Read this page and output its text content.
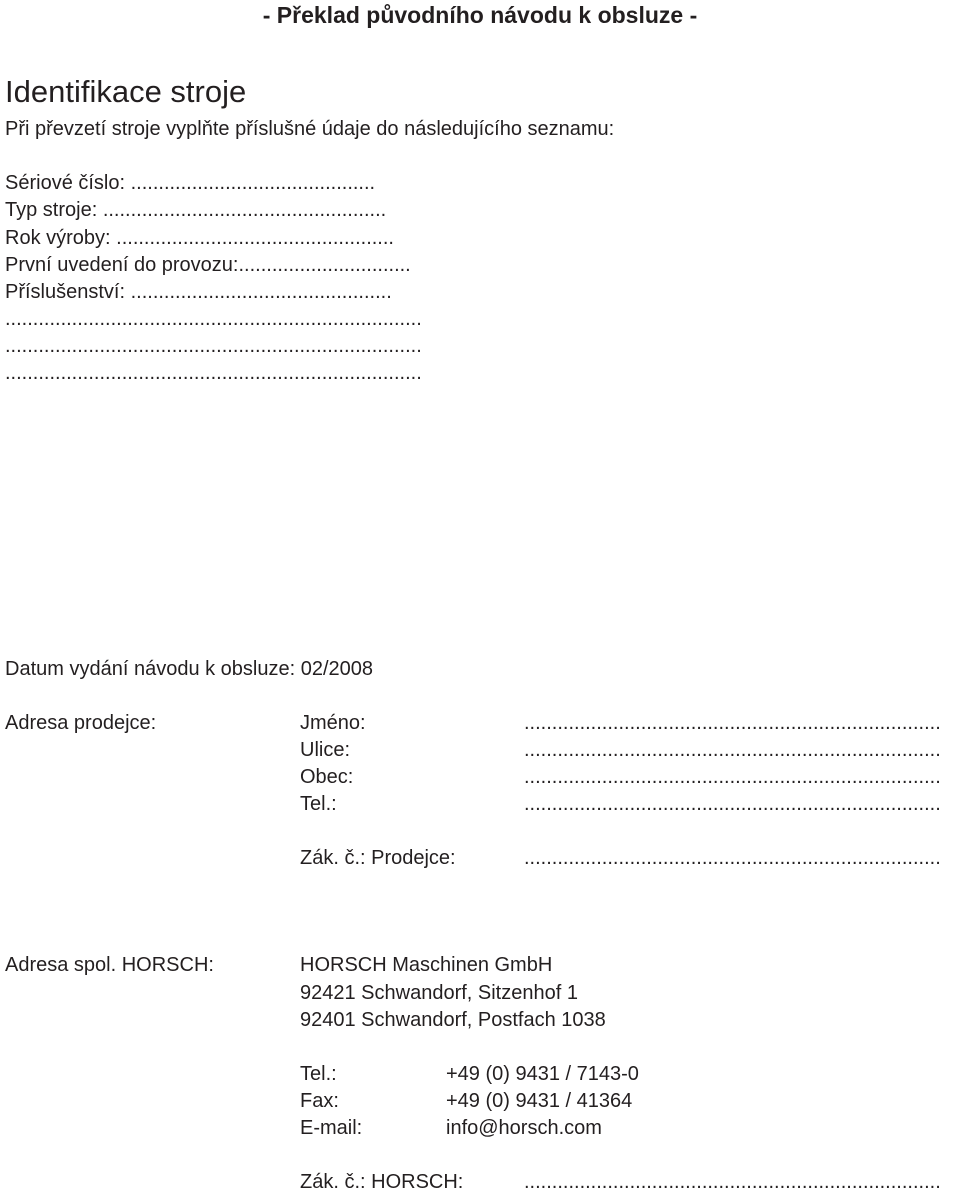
- Překlad původního návodu k obsluze -
Identifikace stroje
Při převzetí stroje vyplňte příslušné údaje do následujícího seznamu:
Sériové číslo: ............................................
Typ stroje: ...................................................
Rok výroby: ..................................................
První uvedení do provozu:...............................
Příslušenství: ...............................................
...........................................................................
...........................................................................
...........................................................................
Datum vydání návodu k obsluze: 02/2008
Adresa prodejce:	Jméno:	...........................................................................
Ulice:	...........................................................................
Obec:	...........................................................................
Tel.:	...........................................................................
Zák. č.: Prodejce:	...........................................................................
Adresa spol. HORSCH:	HORSCH Maschinen GmbH
92421 Schwandorf, Sitzenhof 1
92401 Schwandorf, Postfach 1038
Tel.:	+49 (0) 9431 / 7143-0
Fax:	+49 (0) 9431 / 41364
E-mail:	info@horsch.com
Zák. č.: HORSCH:	...........................................................................
